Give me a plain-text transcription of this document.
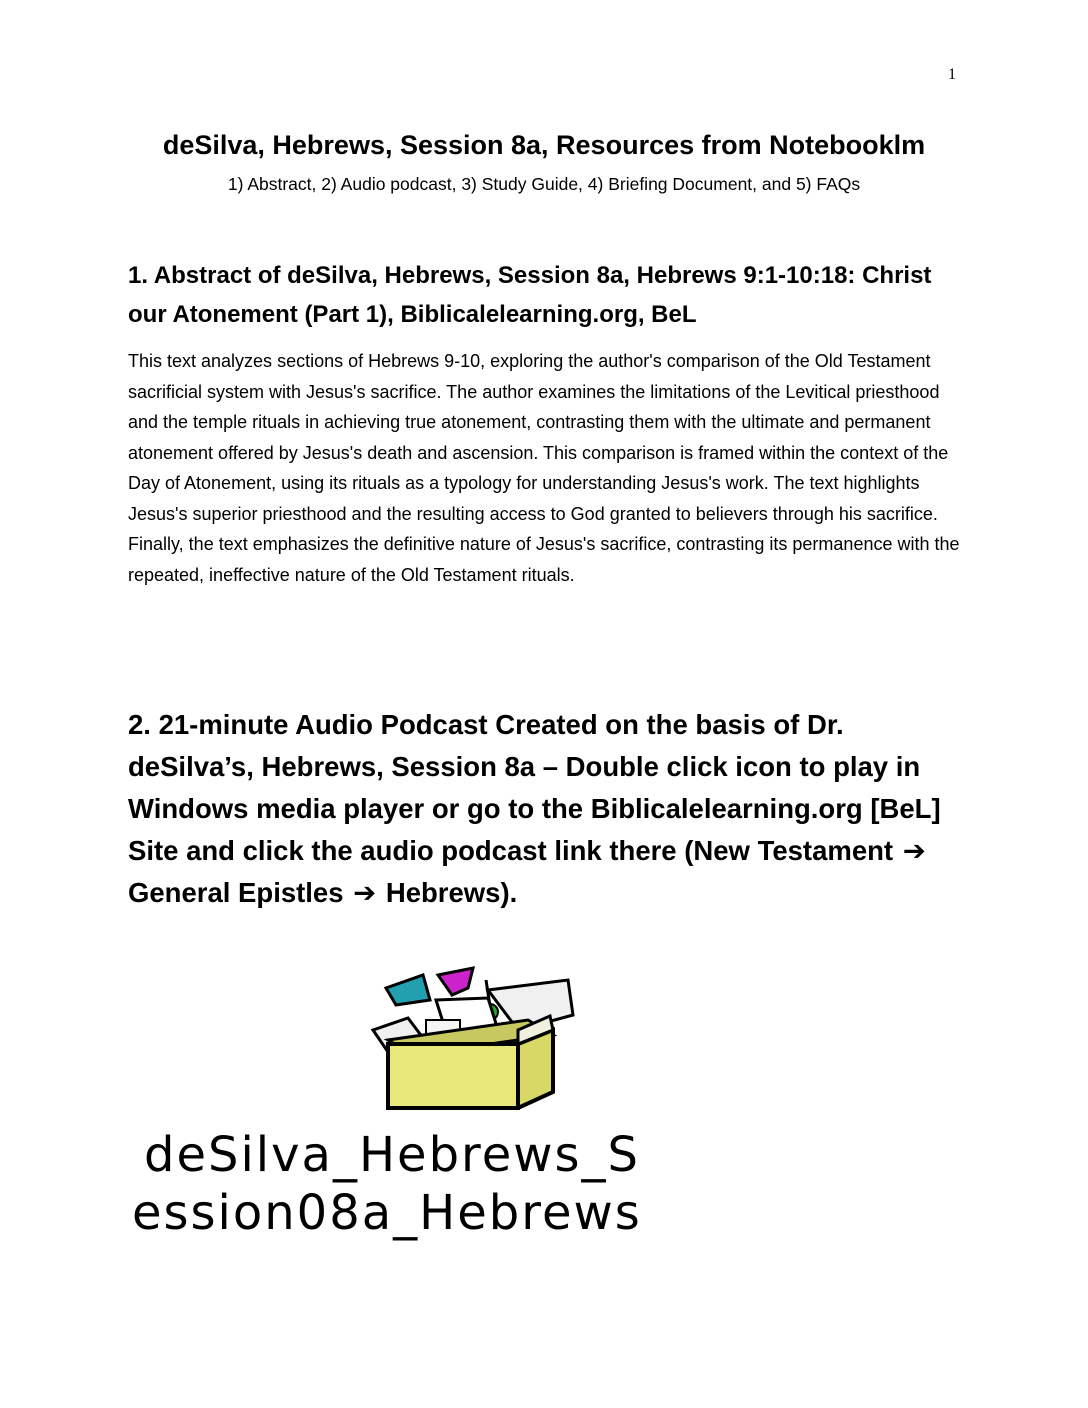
1
deSilva, Hebrews, Session 8a, Resources from Notebooklm
1) Abstract, 2) Audio podcast, 3) Study Guide, 4) Briefing Document, and 5) FAQs
1. Abstract of deSilva, Hebrews, Session 8a, Hebrews 9:1-10:18: Christ our Atonement (Part 1), Biblicalelearning.org, BeL
This text analyzes sections of Hebrews 9-10, exploring the author's comparison of the Old Testament sacrificial system with Jesus's sacrifice. The author examines the limitations of the Levitical priesthood and the temple rituals in achieving true atonement, contrasting them with the ultimate and permanent atonement offered by Jesus's death and ascension. This comparison is framed within the context of the Day of Atonement, using its rituals as a typology for understanding Jesus's work. The text highlights Jesus's superior priesthood and the resulting access to God granted to believers through his sacrifice. Finally, the text emphasizes the definitive nature of Jesus's sacrifice, contrasting its permanence with the repeated, ineffective nature of the Old Testament rituals.
2. 21-minute Audio Podcast Created on the basis of Dr. deSilva’s, Hebrews, Session 8a – Double click icon to play in Windows media player or go to the Biblicalelearning.org [BeL] Site and click the audio podcast link there (New Testament ➔ General Epistles ➔ Hebrews).
deSilva_Hebrews_S
ession08a_Hebrews
